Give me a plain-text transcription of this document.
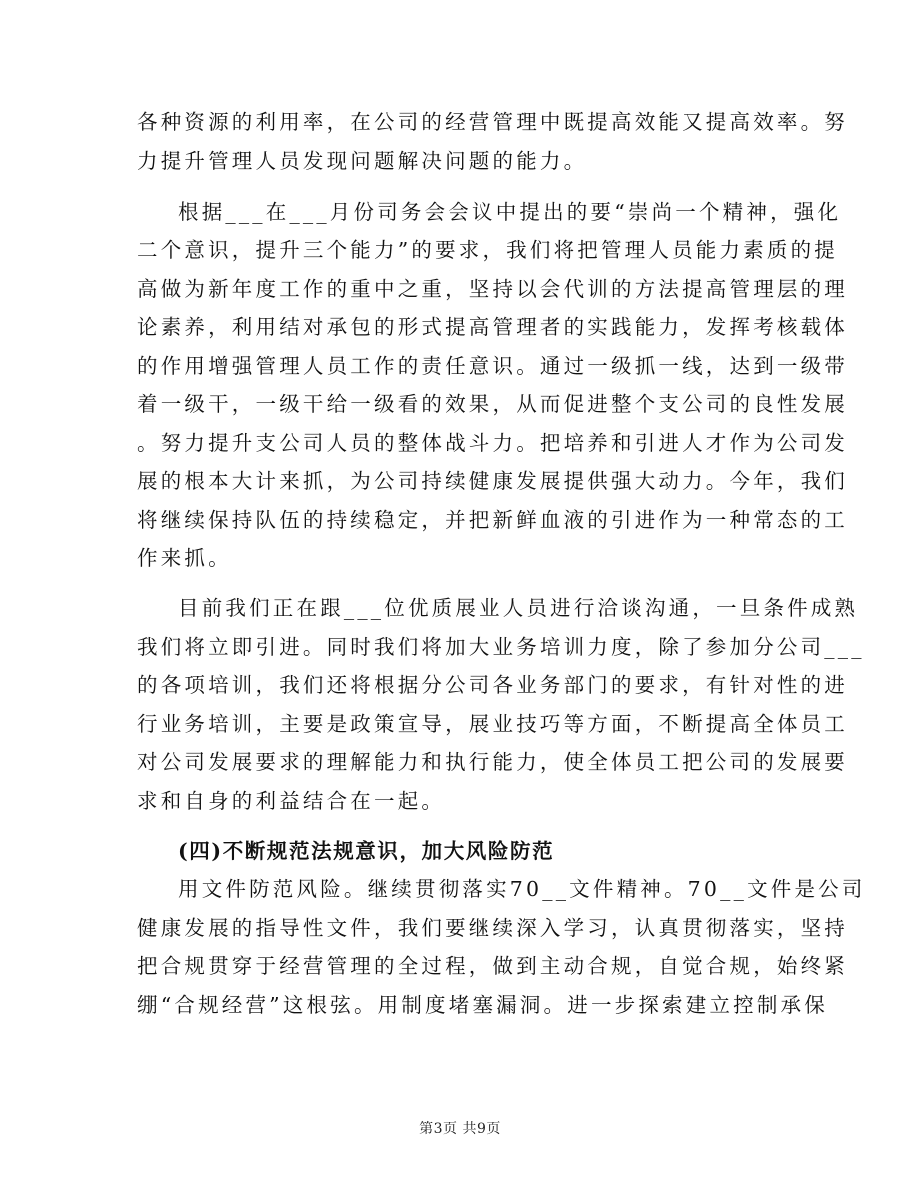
各种资源的利用率，在公司的经营管理中既提高效能又提高效率。努
力提升管理人员发现问题解决问题的能力。
根据___在___月份司务会会议中提出的要“崇尚一个精神，强化
二个意识，提升三个能力”的要求，我们将把管理人员能力素质的提
高做为新年度工作的重中之重，坚持以会代训的方法提高管理层的理
论素养，利用结对承包的形式提高管理者的实践能力，发挥考核载体
的作用增强管理人员工作的责任意识。通过一级抓一线，达到一级带
着一级干，一级干给一级看的效果，从而促进整个支公司的良性发展
。努力提升支公司人员的整体战斗力。把培养和引进人才作为公司发
展的根本大计来抓，为公司持续健康发展提供强大动力。今年，我们
将继续保持队伍的持续稳定，并把新鲜血液的引进作为一种常态的工
作来抓。
目前我们正在跟___位优质展业人员进行洽谈沟通，一旦条件成熟
我们将立即引进。同时我们将加大业务培训力度，除了参加分公司___
的各项培训，我们还将根据分公司各业务部门的要求，有针对性的进
行业务培训，主要是政策宣导，展业技巧等方面，不断提高全体员工
对公司发展要求的理解能力和执行能力，使全体员工把公司的发展要
求和自身的利益结合在一起。
(四)不断规范法规意识，加大风险防范
用文件防范风险。继续贯彻落实70__文件精神。70__文件是公司
健康发展的指导性文件，我们要继续深入学习，认真贯彻落实，坚持
把合规贯穿于经营管理的全过程，做到主动合规，自觉合规，始终紧
绷“合规经营”这根弦。用制度堵塞漏洞。进一步探索建立控制承保
第3页 共9页
